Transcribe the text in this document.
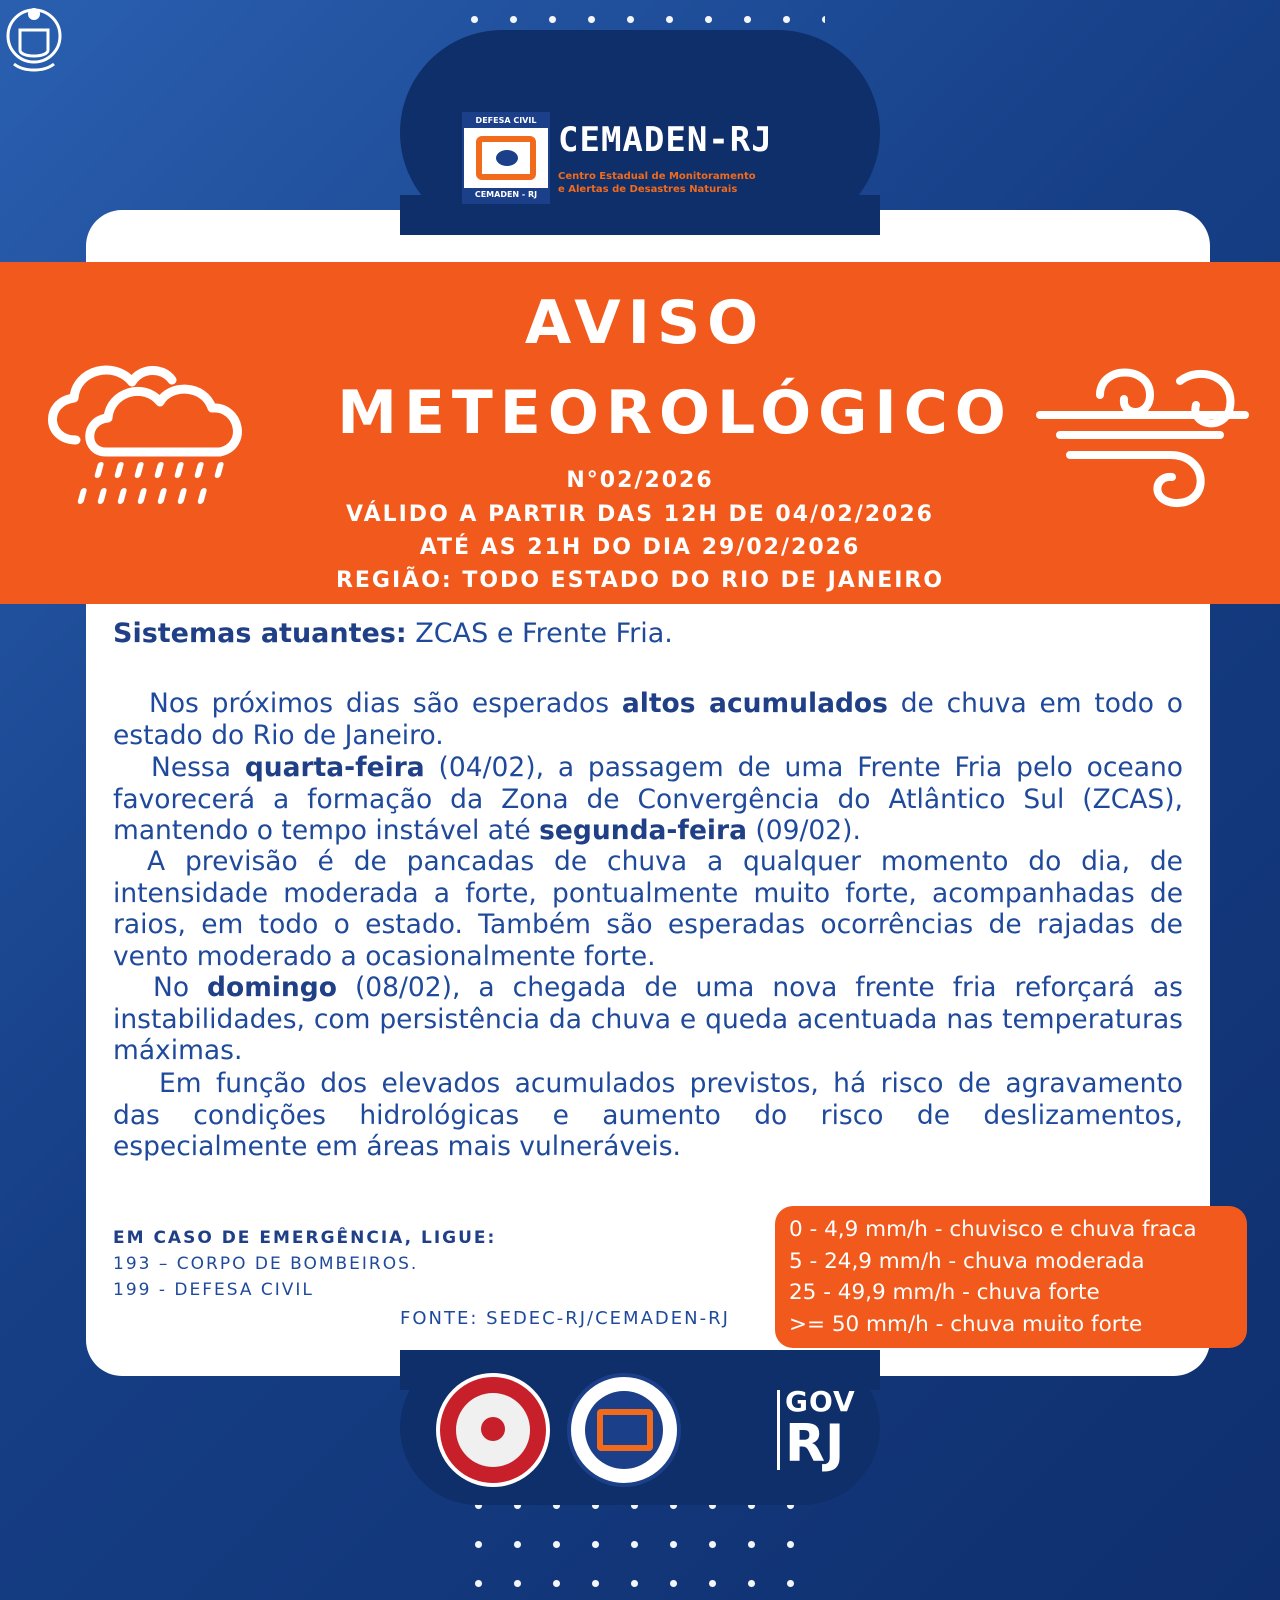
DEFESA CIVIL
CEMADEN - RJ
CEMADEN-RJ
Centro Estadual de Monitoramento
e Alertas de Desastres Naturais
AVISO
METEOROLÓGICO
N°02/2026
VÁLIDO A PARTIR DAS 12H DE 04/02/2026
ATÉ AS 21H DO DIA 29/02/2026
REGIÃO: TODO ESTADO DO RIO DE JANEIRO
Sistemas atuantes: ZCAS e Frente Fria.

Nos próximos dias são esperados altos acumulados de chuva em todo o estado do Rio de Janeiro.

Nessa quarta-feira (04/02), a passagem de uma Frente Fria pelo oceano favorecerá a formação da Zona de Convergência do Atlântico Sul (ZCAS), mantendo o tempo instável até segunda-feira (09/02).

A previsão é de pancadas de chuva a qualquer momento do dia, de intensidade moderada a forte, pontualmente muito forte, acompanhadas de raios, em todo o estado. Também são esperadas ocorrências de rajadas de vento moderado a ocasionalmente forte.

No domingo (08/02), a chegada de uma nova frente fria reforçará as instabilidades, com persistência da chuva e queda acentuada nas temperaturas máximas.

Em função dos elevados acumulados previstos, há risco de agravamento das condições hidrológicas e aumento do risco de deslizamentos, especialmente em áreas mais vulneráveis.

EM CASO DE EMERGÊNCIA, LIGUE:
193 – CORPO DE BOMBEIROS.
199 - DEFESA CIVIL
FONTE: SEDEC-RJ/CEMADEN-RJ
0 - 4,9 mm/h - chuvisco e chuva fraca
5 - 24,9 mm/h - chuva moderada
25 - 49,9 mm/h - chuva forte
>= 50 mm/h - chuva muito forte
GOV
RJ
